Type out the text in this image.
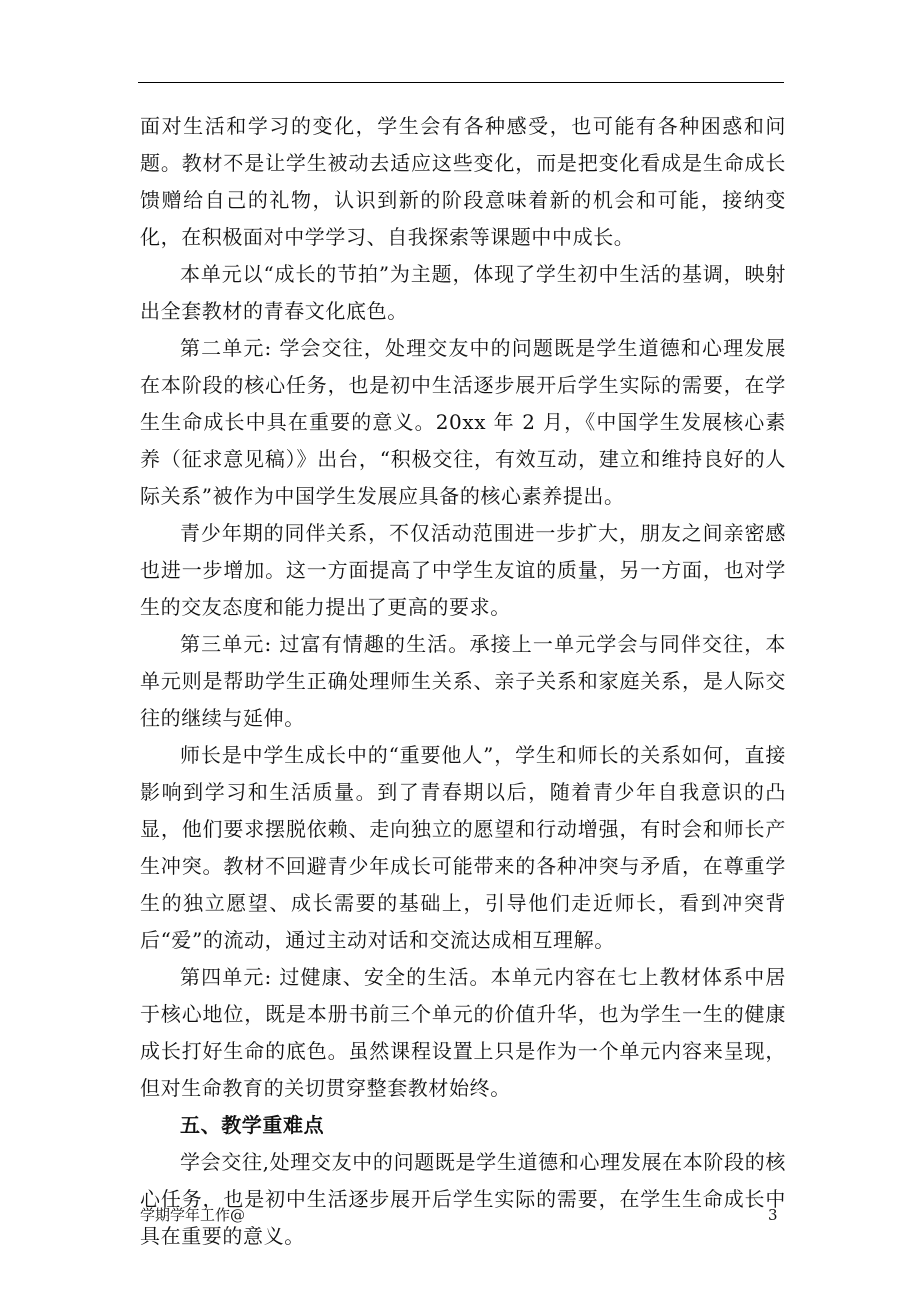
面对生活和学习的变化，学生会有各种感受，也可能有各种困惑和问题。教材不是让学生被动去适应这些变化，而是把变化看成是生命成长馈赠给自己的礼物，认识到新的阶段意味着新的机会和可能，接纳变化，在积极面对中学学习、自我探索等课题中中成长。

本单元以“成长的节拍”为主题，体现了学生初中生活的基调，映射出全套教材的青春文化底色。

第二单元: 学会交往，处理交友中的问题既是学生道德和心理发展在本阶段的核心任务，也是初中生活逐步展开后学生实际的需要，在学生生命成长中具在重要的意义。20xx 年 2 月，《中国学生发展核心素养（征求意见稿）》出台，“积极交往，有效互动，建立和维持良好的人际关系”被作为中国学生发展应具备的核心素养提出。

青少年期的同伴关系，不仅活动范围进一步扩大，朋友之间亲密感也进一步增加。这一方面提高了中学生友谊的质量，另一方面，也对学生的交友态度和能力提出了更高的要求。

第三单元: 过富有情趣的生活。承接上一单元学会与同伴交往，本单元则是帮助学生正确处理师生关系、亲子关系和家庭关系，是人际交往的继续与延伸。

师长是中学生成长中的“重要他人”，学生和师长的关系如何，直接影响到学习和生活质量。到了青春期以后，随着青少年自我意识的凸显，他们要求摆脱依赖、走向独立的愿望和行动增强，有时会和师长产生冲突。教材不回避青少年成长可能带来的各种冲突与矛盾，在尊重学生的独立愿望、成长需要的基础上，引导他们走近师长，看到冲突背后“爱”的流动，通过主动对话和交流达成相互理解。

第四单元: 过健康、安全的生活。本单元内容在七上教材体系中居于核心地位，既是本册书前三个单元的价值升华，也为学生一生的健康成长打好生命的底色。虽然课程设置上只是作为一个单元内容来呈现，但对生命教育的关切贯穿整套教材始终。

五、教学重难点

学会交往,处理交友中的问题既是学生道德和心理发展在本阶段的核心任务，也是初中生活逐步展开后学生实际的需要，在学生生命成长中具在重要的意义。

学期学年工作@	3
